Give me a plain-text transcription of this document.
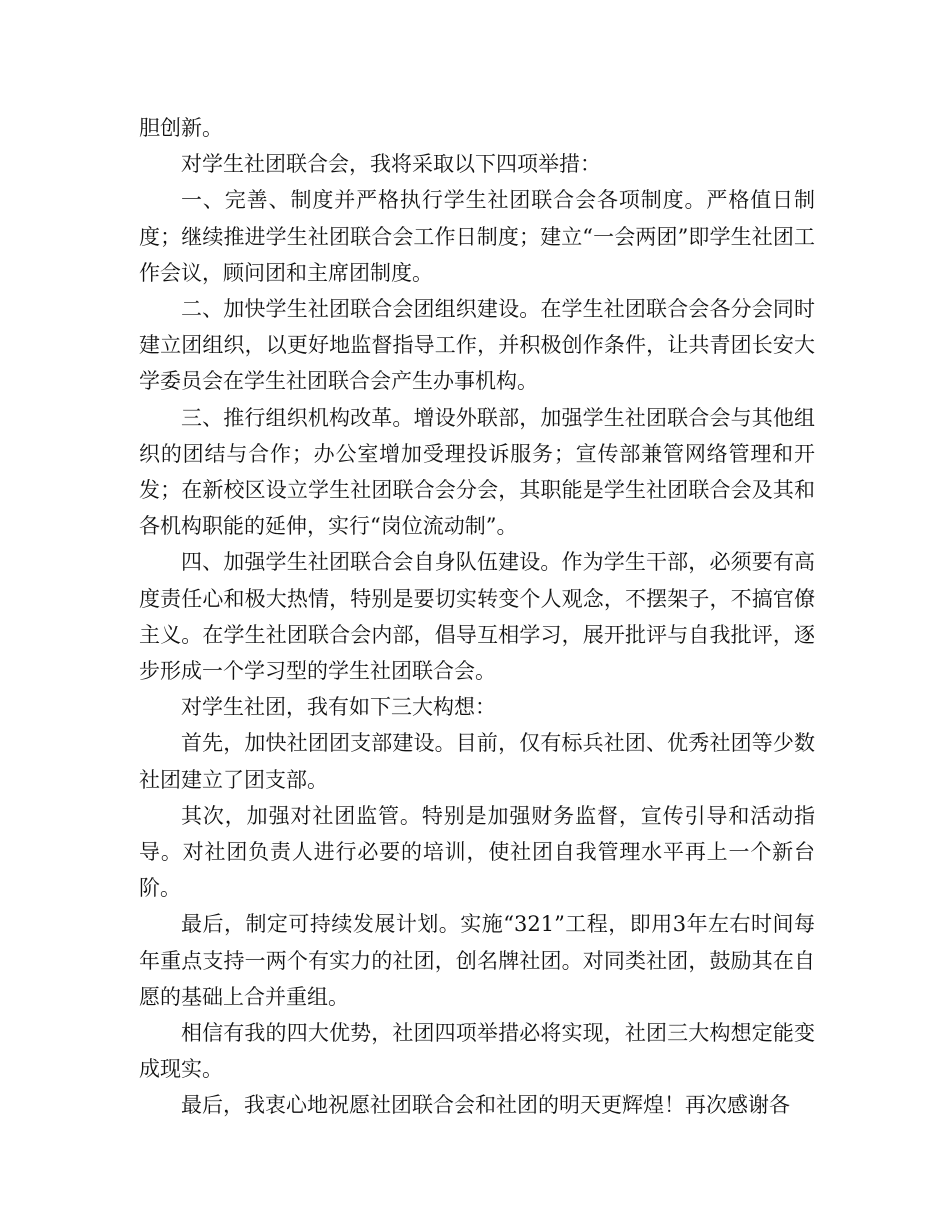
胆创新。

对学生社团联合会，我将采取以下四项举措：

一、完善、制度并严格执行学生社团联合会各项制度。严格值日制度；继续推进学生社团联合会工作日制度；建立“一会两团”即学生社团工作会议，顾问团和主席团制度。

二、加快学生社团联合会团组织建设。在学生社团联合会各分会同时建立团组织，以更好地监督指导工作，并积极创作条件，让共青团长安大学委员会在学生社团联合会产生办事机构。

三、推行组织机构改革。增设外联部，加强学生社团联合会与其他组织的团结与合作；办公室增加受理投诉服务；宣传部兼管网络管理和开发；在新校区设立学生社团联合会分会，其职能是学生社团联合会及其和各机构职能的延伸，实行“岗位流动制”。

四、加强学生社团联合会自身队伍建设。作为学生干部，必须要有高度责任心和极大热情，特别是要切实转变个人观念，不摆架子，不搞官僚主义。在学生社团联合会内部，倡导互相学习，展开批评与自我批评，逐步形成一个学习型的学生社团联合会。

对学生社团，我有如下三大构想：

首先，加快社团团支部建设。目前，仅有标兵社团、优秀社团等少数社团建立了团支部。

其次，加强对社团监管。特别是加强财务监督，宣传引导和活动指导。对社团负责人进行必要的培训，使社团自我管理水平再上一个新台阶。

最后，制定可持续发展计划。实施“321”工程，即用3年左右时间每年重点支持一两个有实力的社团，创名牌社团。对同类社团，鼓励其在自愿的基础上合并重组。

相信有我的四大优势，社团四项举措必将实现，社团三大构想定能变成现实。

最后，我衷心地祝愿社团联合会和社团的明天更辉煌！再次感谢各
